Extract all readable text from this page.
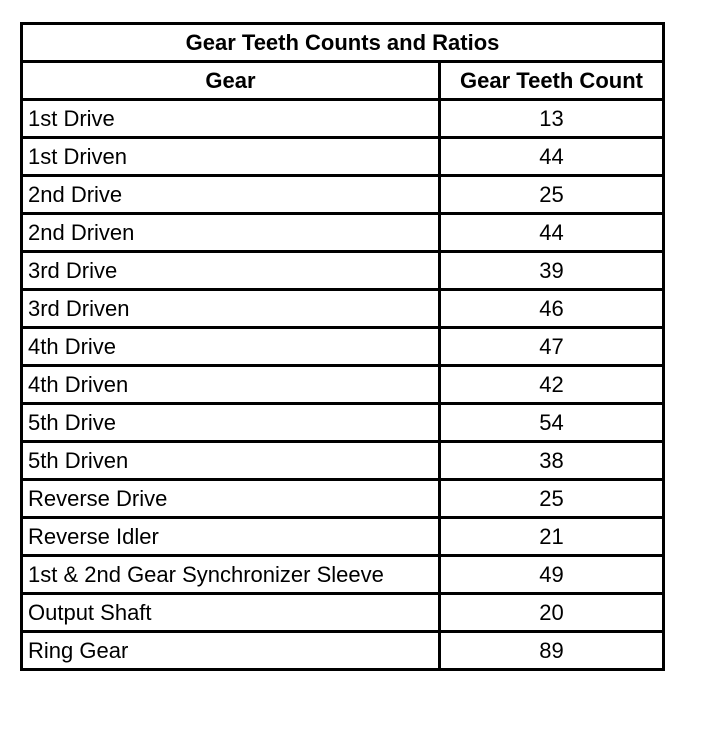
Gear Teeth Counts and Ratios	
Gear	Gear Teeth Count
1st Drive	13
1st Driven	44
2nd Drive	25
2nd Driven	44
3rd Drive	39
3rd Driven	46
4th Drive	47
4th Driven	42
5th Drive	54
5th Driven	38
Reverse Drive	25
Reverse Idler	21
1st & 2nd Gear Synchronizer Sleeve	49
Output Shaft	20
Ring Gear	89
